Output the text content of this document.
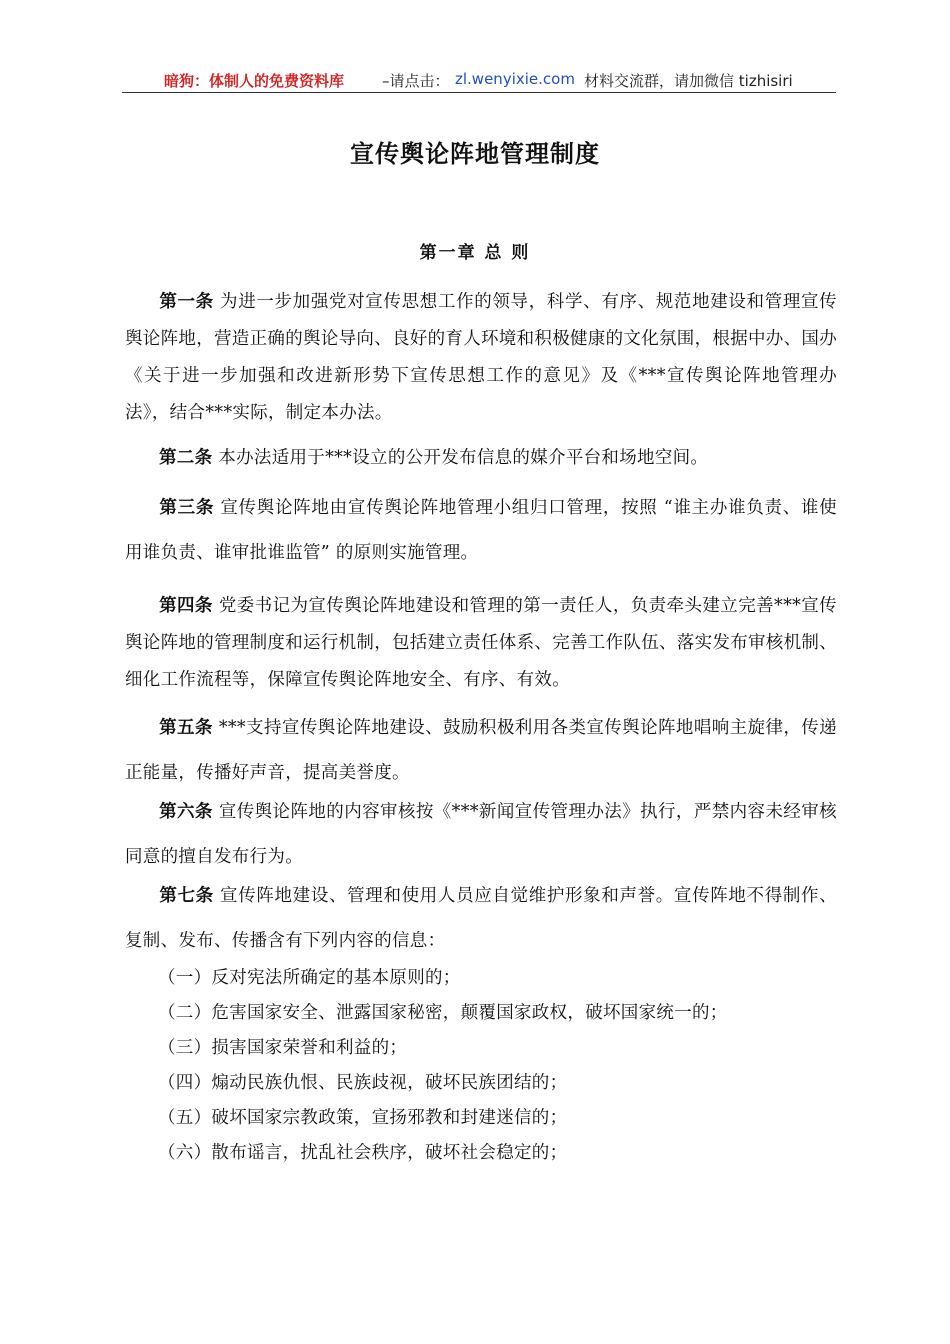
暗狗：体制人的免费资料库	–请点击： zl.wenyixie.com 材料交流群，请加微信 tizhisiri
宣传舆论阵地管理制度
第一章 总 则
第一条 为进一步加强党对宣传思想工作的领导，科学、有序、规范地建设和管理宣传舆论阵地，营造正确的舆论导向、良好的育人环境和积极健康的文化氛围，根据中办、国办《关于进一步加强和改进新形势下宣传思想工作的意见》及《***宣传舆论阵地管理办法》，结合***实际，制定本办法。
第二条 本办法适用于***设立的公开发布信息的媒介平台和场地空间。
第三条 宣传舆论阵地由宣传舆论阵地管理小组归口管理，按照 “谁主办谁负责、谁使用谁负责、谁审批谁监管” 的原则实施管理。
第四条 党委书记为宣传舆论阵地建设和管理的第一责任人，负责牵头建立完善***宣传舆论阵地的管理制度和运行机制，包括建立责任体系、完善工作队伍、落实发布审核机制、细化工作流程等，保障宣传舆论阵地安全、有序、有效。
第五条 ***支持宣传舆论阵地建设、鼓励积极利用各类宣传舆论阵地唱响主旋律，传递正能量，传播好声音，提高美誉度。
第六条 宣传舆论阵地的内容审核按《***新闻宣传管理办法》执行，严禁内容未经审核同意的擅自发布行为。
第七条 宣传阵地建设、管理和使用人员应自觉维护形象和声誉。宣传阵地不得制作、复制、发布、传播含有下列内容的信息：
（一）反对宪法所确定的基本原则的；
（二）危害国家安全、泄露国家秘密，颠覆国家政权，破坏国家统一的；
（三）损害国家荣誉和利益的；
（四）煽动民族仇恨、民族歧视，破坏民族团结的；
（五）破坏国家宗教政策，宣扬邪教和封建迷信的；
（六）散布谣言，扰乱社会秩序，破坏社会稳定的；
